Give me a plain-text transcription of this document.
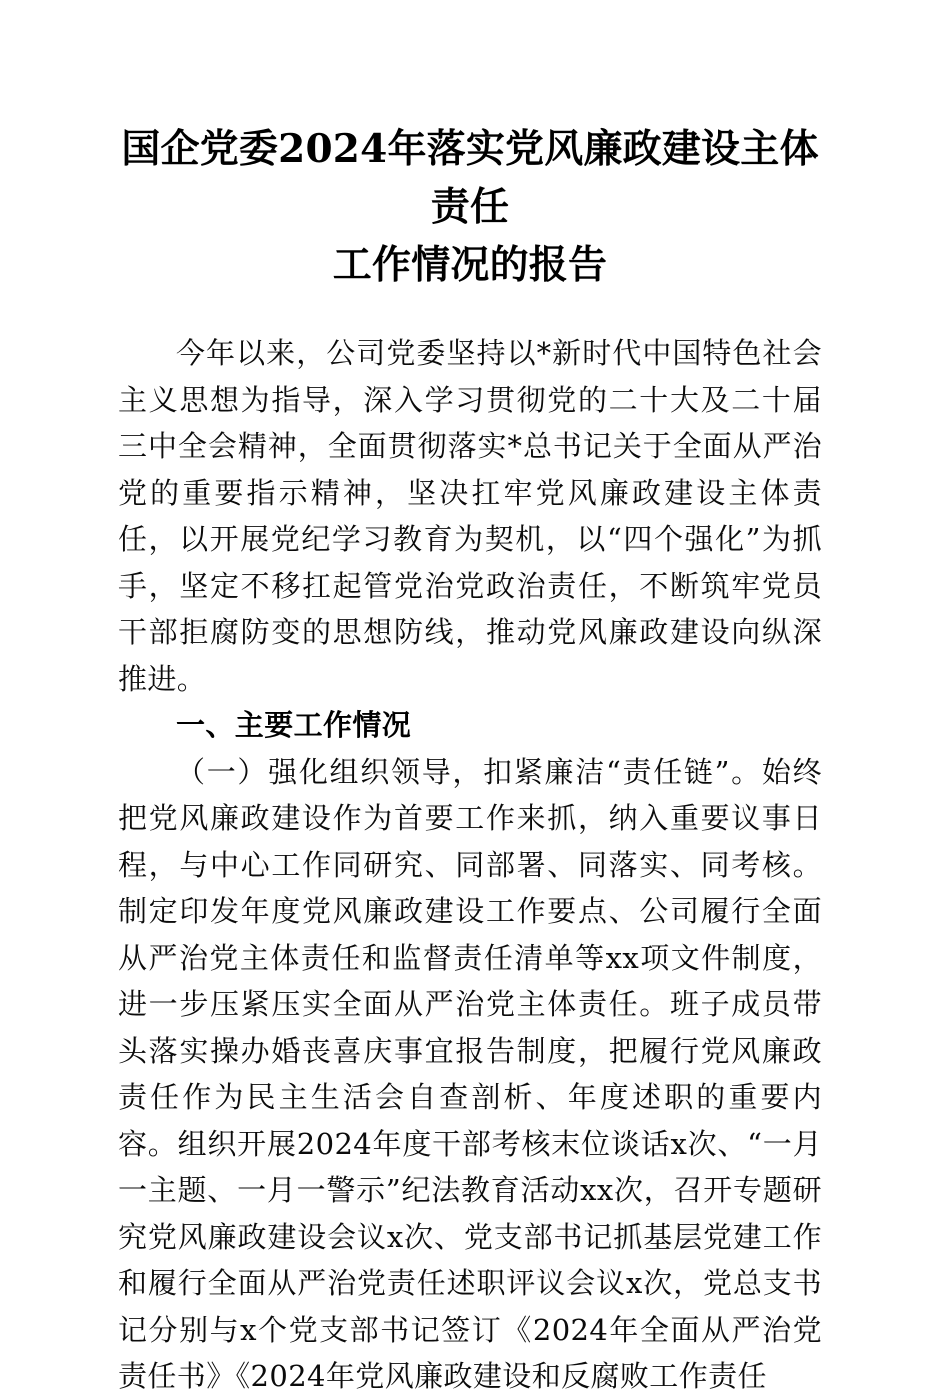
国企党委2024年落实党风廉政建设主体责任
工作情况的报告

今年以来，公司党委坚持以*新时代中国特色社会主义思想为指导，深入学习贯彻党的二十大及二十届三中全会精神，全面贯彻落实*总书记关于全面从严治党的重要指示精神，坚决扛牢党风廉政建设主体责任，以开展党纪学习教育为契机，以“四个强化”为抓手，坚定不移扛起管党治党政治责任，不断筑牢党员干部拒腐防变的思想防线，推动党风廉政建设向纵深推进。

一、主要工作情况

（一）强化组织领导，扣紧廉洁“责任链”。始终把党风廉政建设作为首要工作来抓，纳入重要议事日程，与中心工作同研究、同部署、同落实、同考核。制定印发年度党风廉政建设工作要点、公司履行全面从严治党主体责任和监督责任清单等xx项文件制度，进一步压紧压实全面从严治党主体责任。班子成员带头落实操办婚丧喜庆事宜报告制度，把履行党风廉政责任作为民主生活会自查剖析、年度述职的重要内容。组织开展2024年度干部考核末位谈话x次、“一月一主题、一月一警示”纪法教育活动xx次，召开专题研究党风廉政建设会议x次、党支部书记抓基层党建工作和履行全面从严治党责任述职评议会议x次，党总支书记分别与x个党支部书记签订《2024年全面从严治党责任书》《2024年党风廉政建设和反腐败工作责任
